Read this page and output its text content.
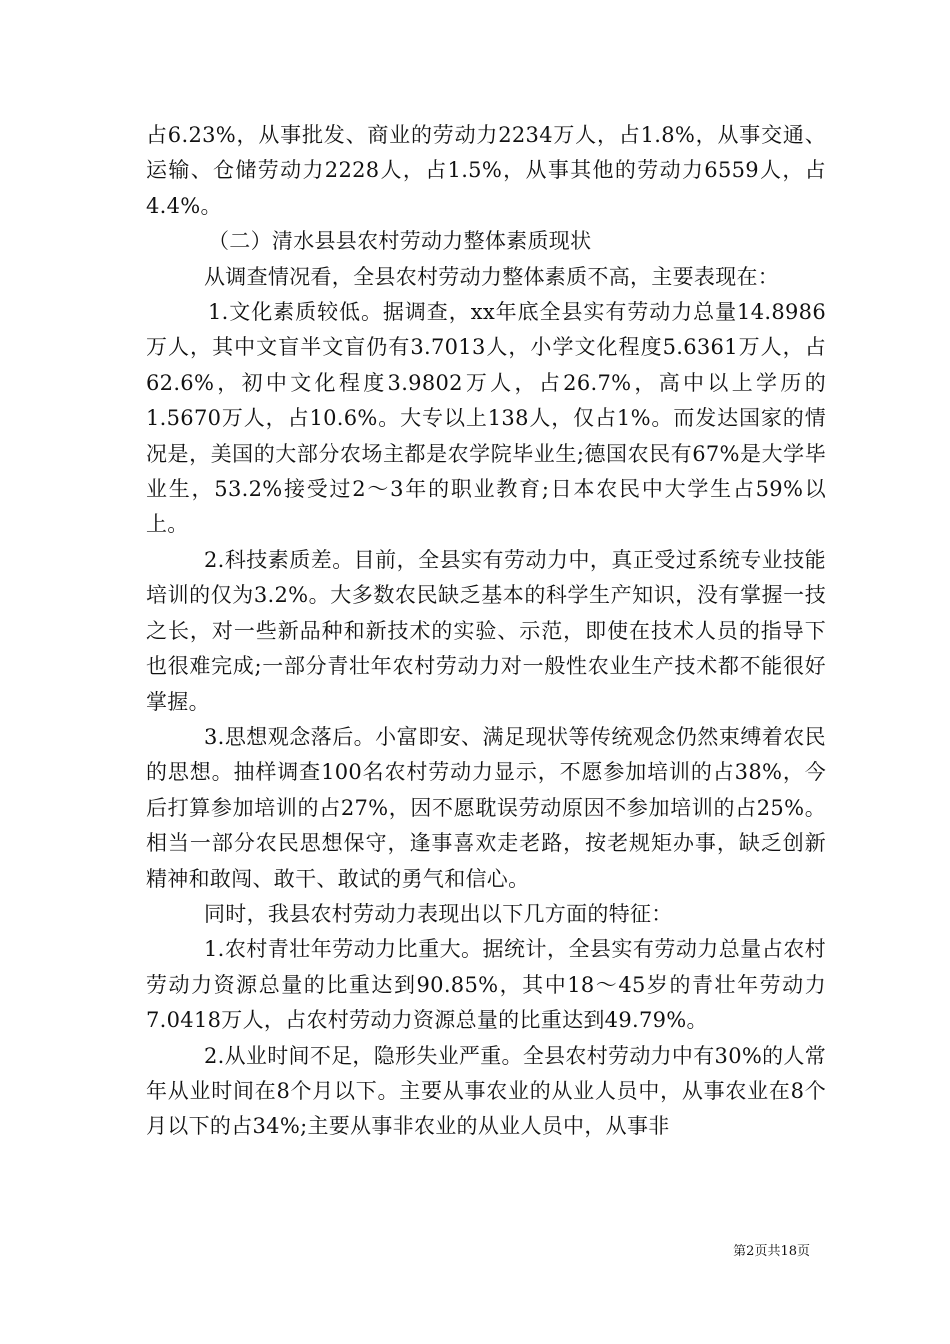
占6.23%，从事批发、商业的劳动力2234万人，占1.8%，从事交通、运输、仓储劳动力2228人，占1.5%，从事其他的劳动力6559人，占4.4%。

（二）清水县县农村劳动力整体素质现状

从调查情况看，全县农村劳动力整体素质不高，主要表现在：

1.文化素质较低。据调查，xx年底全县实有劳动力总量14.8986万人，其中文盲半文盲仍有3.7013人，小学文化程度5.6361万人，占62.6%，初中文化程度3.9802万人，占26.7%，高中以上学历的1.5670万人，占10.6%。大专以上138人，仅占1%。而发达国家的情况是，美国的大部分农场主都是农学院毕业生;德国农民有67%是大学毕业生，53.2%接受过2～3年的职业教育;日本农民中大学生占59%以上。

2.科技素质差。目前，全县实有劳动力中，真正受过系统专业技能培训的仅为3.2%。大多数农民缺乏基本的科学生产知识，没有掌握一技之长，对一些新品种和新技术的实验、示范，即使在技术人员的指导下也很难完成;一部分青壮年农村劳动力对一般性农业生产技术都不能很好掌握。

3.思想观念落后。小富即安、满足现状等传统观念仍然束缚着农民的思想。抽样调查100名农村劳动力显示，不愿参加培训的占38%，今后打算参加培训的占27%，因不愿耽误劳动原因不参加培训的占25%。相当一部分农民思想保守，逢事喜欢走老路，按老规矩办事，缺乏创新精神和敢闯、敢干、敢试的勇气和信心。

同时，我县农村劳动力表现出以下几方面的特征：

1.农村青壮年劳动力比重大。据统计，全县实有劳动力总量占农村劳动力资源总量的比重达到90.85%，其中18～45岁的青壮年劳动力7.0418万人，占农村劳动力资源总量的比重达到49.79%。

2.从业时间不足，隐形失业严重。全县农村劳动力中有30%的人常年从业时间在8个月以下。主要从事农业的从业人员中，从事农业在8个月以下的占34%;主要从事非农业的从业人员中，从事非

第2页共18页
